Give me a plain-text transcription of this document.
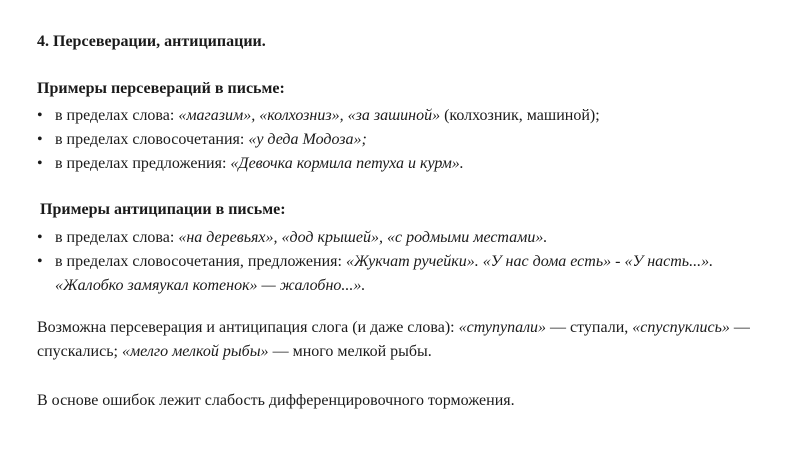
4. Персеверации, антиципации.
Примеры персевераций в письме:
• в пределах слова: «магазим», «колхозниз», «за зашиной» (колхозник, машиной);
• в пределах словосочетания: «у деда Модоза»;
• в пределах предложения: «Девочка кормила петуха и курм».
Примеры антиципации в письме:
• в пределах слова: «на деревьях», «дод крышей», «с родмыми местами».
• в пределах словосочетания, предложения: «Жукчат ручейки». «У нас дома есть» - «У насть...». «Жалобко замяукал котенок» — жалобно...».

Возможна персеверация и антиципация слога (и даже слова): «ступупали» — ступали, «спуспуклись» — спускались; «мелго мелкой рыбы» — много мелкой рыбы.

В основе ошибок лежит слабость дифференцировочного торможения.
